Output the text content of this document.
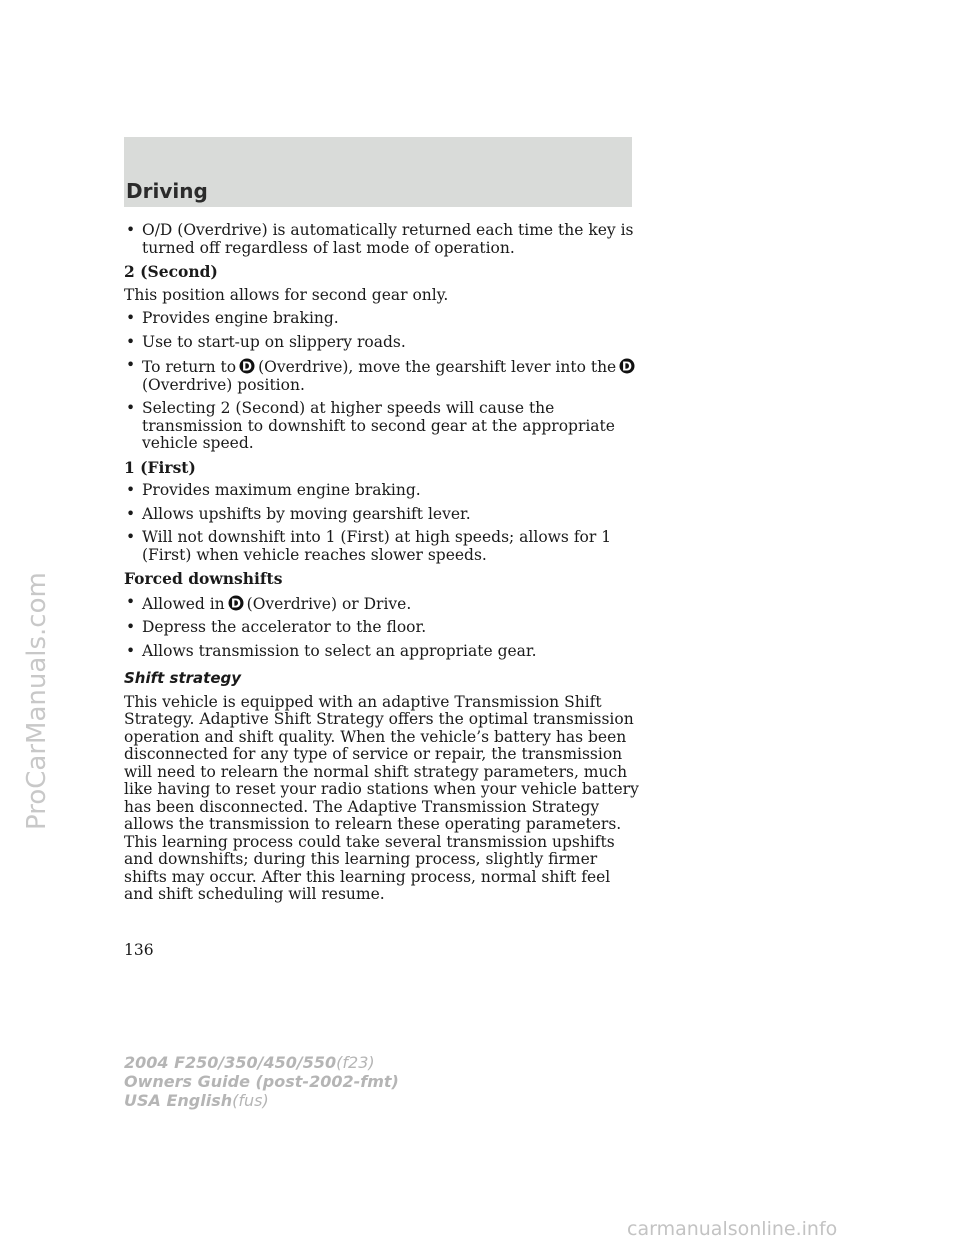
Driving
• O/D (Overdrive) is automatically returned each time the key is turned off regardless of last mode of operation.
2 (Second)
This position allows for second gear only.
• Provides engine braking.
• Use to start-up on slippery roads.
• To return to D (Overdrive), move the gearshift lever into the D

(Overdrive) position.
• Selecting 2 (Second) at higher speeds will cause the transmission to downshift to second gear at the appropriate vehicle speed.
1 (First)
• Provides maximum engine braking.
• Allows upshifts by moving gearshift lever.
• Will not downshift into 1 (First) at high speeds; allows for 1 (First) when vehicle reaches slower speeds.
Forced downshifts
• Allowed in D (Overdrive) or Drive.
• Depress the accelerator to the floor.
• Allows transmission to select an appropriate gear.
Shift strategy
This vehicle is equipped with an adaptive Transmission Shift Strategy. Adaptive Shift Strategy offers the optimal transmission operation and shift quality. When the vehicle’s battery has been disconnected for any type of service or repair, the transmission will need to relearn the normal shift strategy parameters, much like having to reset your radio stations when your vehicle battery has been disconnected. The Adaptive Transmission Strategy allows the transmission to relearn these operating parameters. This learning process could take several transmission upshifts and downshifts; during this learning process, slightly firmer shifts may occur. After this learning process, normal shift feel and shift scheduling will resume.
136
2004 F250/350/450/550(f23)
Owners Guide (post-2002-fmt)
USA English(fus)
ProCarManuals.com
carmanualsonline.info
